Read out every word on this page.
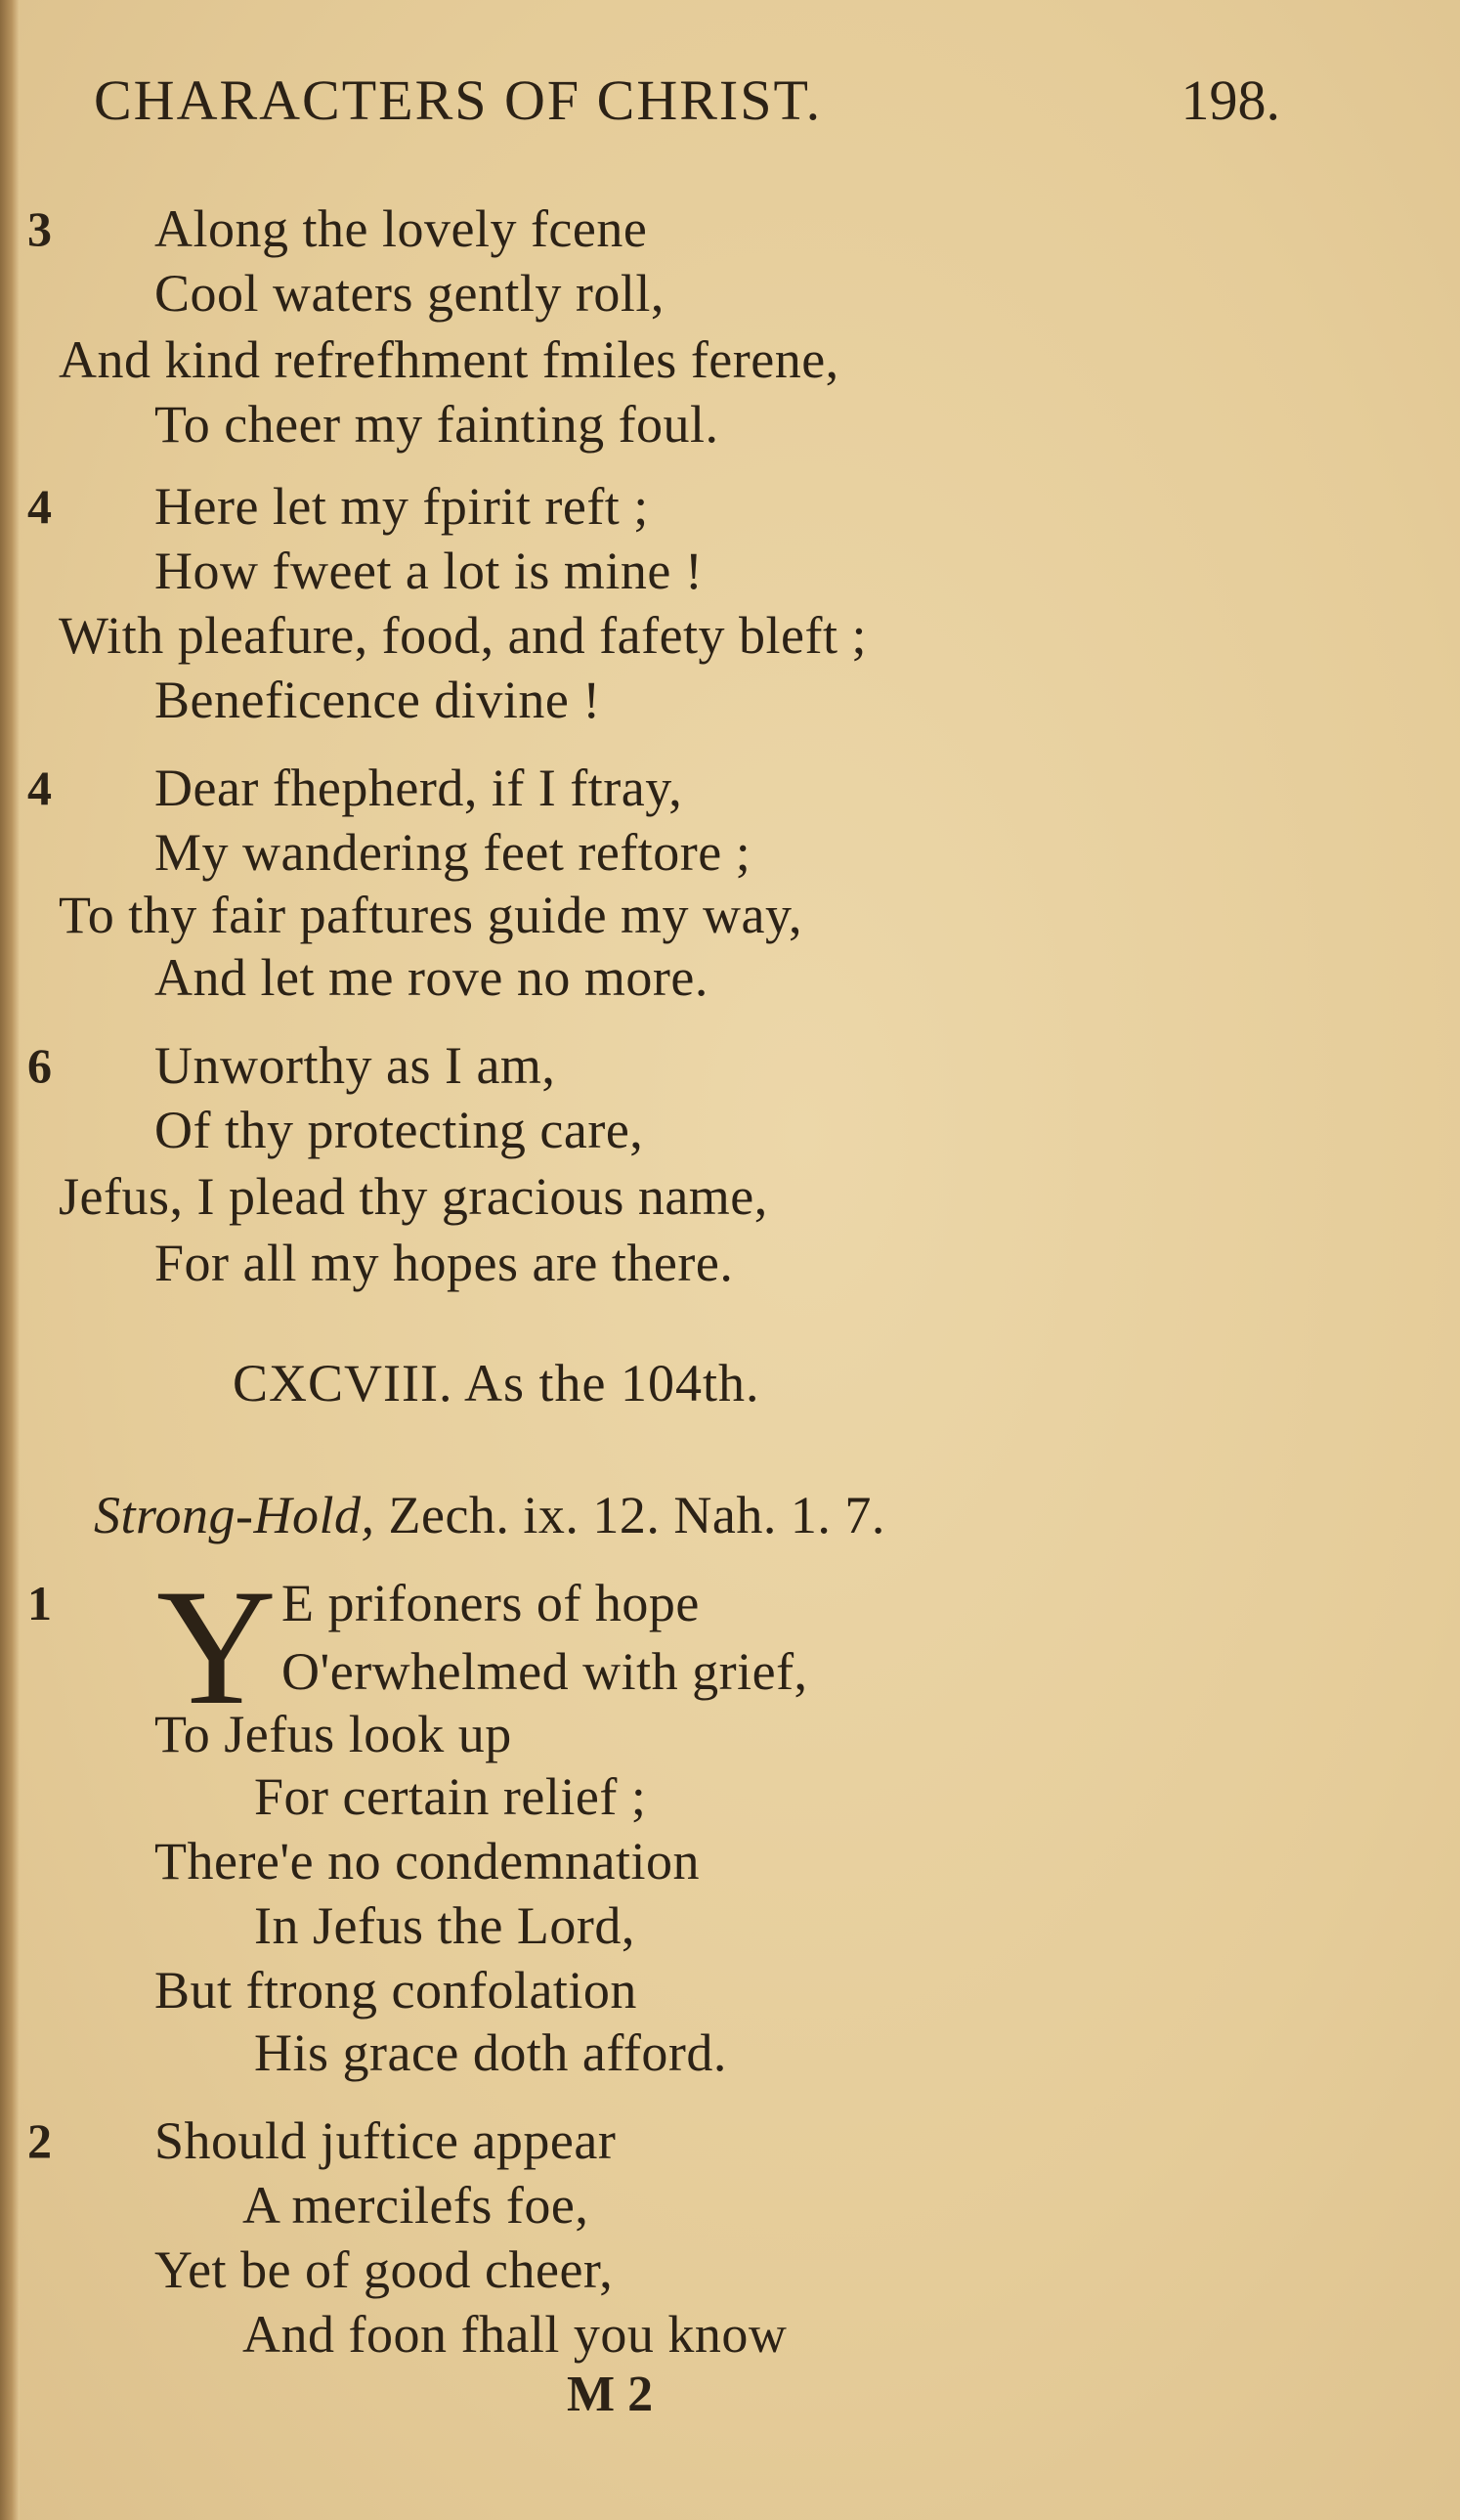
CHARACTERS OF CHRIST.	198.
3 Along the lovely fcene
Cool waters gently roll,
And kind refrefhment fmiles ferene,
To cheer my fainting foul.
4 Here let my fpirit reft ;
How fweet a lot is mine !
With pleafure, food, and fafety bleft ;
Beneficence divine !
4 Dear fhepherd, if I ftray,
My wandering feet reftore ;
To thy fair paftures guide my way,
And let me rove no more.
6 Unworthy as I am,
Of thy protecting care,
Jefus, I plead thy gracious name,
For all my hopes are there.
CXCVIII. As the 104th.
Strong-Hold, Zech. ix. 12. Nah. 1. 7.
1 Y E prifoners of hope
O'erwhelmed with grief,
To Jefus look up
For certain relief ;
There'e no condemnation
In Jefus the Lord,
But ftrong confolation
His grace doth afford.
2 Should juftice appear
A mercilefs foe,
Yet be of good cheer,
And foon fhall you know
M 2
